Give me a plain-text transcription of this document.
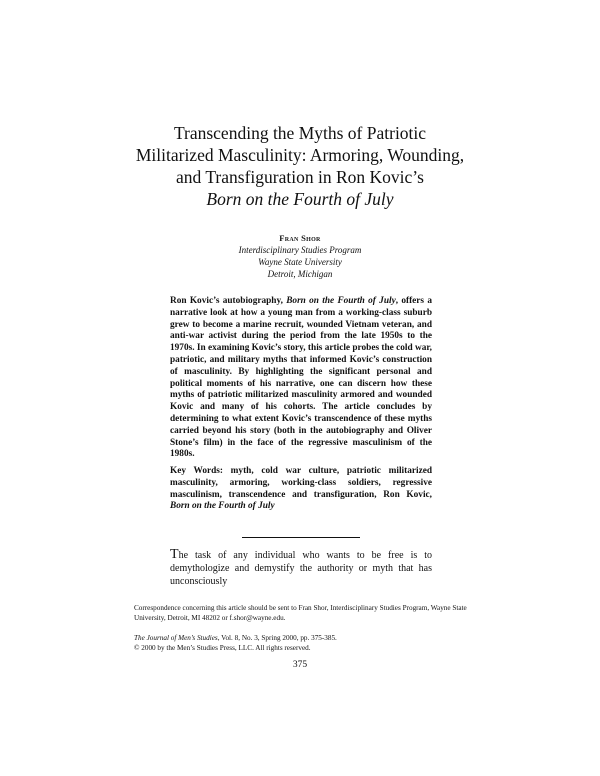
Transcending the Myths of Patriotic
Militarized Masculinity: Armoring, Wounding,
and Transfiguration in Ron Kovic’s
Born on the Fourth of July
Fran Shor
Interdisciplinary Studies Program
Wayne State University
Detroit, Michigan
Ron Kovic’s autobiography, Born on the Fourth of July, offers a narrative look at how a young man from a working-class suburb grew to become a marine recruit, wounded Vietnam veteran, and anti-war activist during the period from the late 1950s to the 1970s. In examining Kovic’s story, this article probes the cold war, patriotic, and military myths that informed Kovic’s construction of masculinity. By highlighting the significant personal and political moments of his narrative, one can discern how these myths of patriotic militarized masculinity armored and wounded Kovic and many of his cohorts. The article concludes by determining to what extent Kovic’s transcendence of these myths carried beyond his story (both in the autobiography and Oliver Stone’s film) in the face of the regressive masculinism of the 1980s.
Key Words: myth, cold war culture, patriotic militarized masculinity, armoring, working-class soldiers, regressive masculinism, transcendence and transfiguration, Ron Kovic, Born on the Fourth of July
The task of any individual who wants to be free is to demythologize and demystify the authority or myth that has unconsciously
Correspondence concerning this article should be sent to Fran Shor, Interdisciplinary Studies Program, Wayne State University, Detroit, MI 48202 or f.shor@wayne.edu.
The Journal of Men’s Studies, Vol. 8, No. 3, Spring 2000, pp. 375-385.
© 2000 by the Men’s Studies Press, LLC. All rights reserved.
375
